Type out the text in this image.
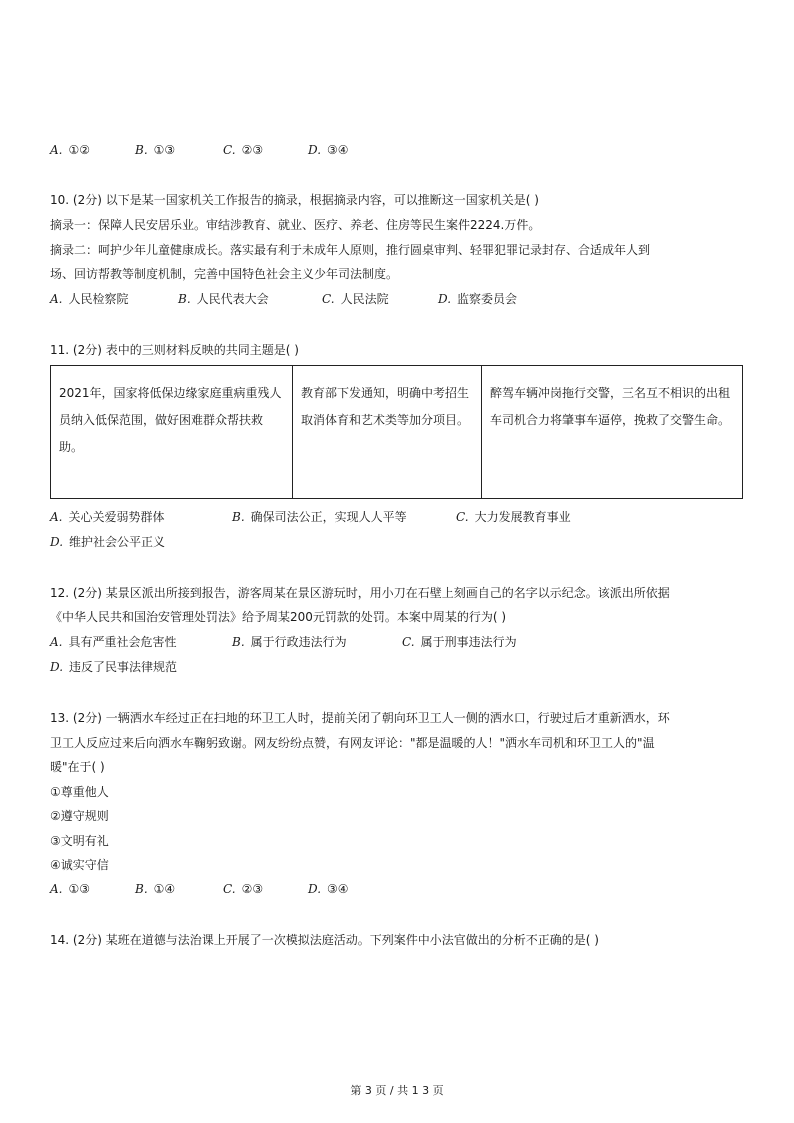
A. ①②	B. ①③	C. ②③	D. ③④
10. (2分) 以下是某一国家机关工作报告的摘录，根据摘录内容，可以推断这一国家机关是( )
摘录一：保障人民安居乐业。审结涉教育、就业、医疗、养老、住房等民生案件2224.万件。
摘录二：呵护少年儿童健康成长。落实最有利于未成年人原则，推行圆桌审判、轻罪犯罪记录封存、合适成年人到
场、回访帮教等制度机制，完善中国特色社会主义少年司法制度。
A. 人民检察院	B. 人民代表大会	C. 人民法院	D. 监察委员会
11. (2分) 表中的三则材料反映的共同主题是( )
2021年，国家将低保边缘家庭重病重残人员纳入低保范围，做好困难群众帮扶救助。	教育部下发通知，明确中考招生取消体育和艺术类等加分项目。	醉驾车辆冲岗拖行交警，三名互不相识的出租车司机合力将肇事车逼停，挽救了交警生命。
A. 关心关爱弱势群体	B. 确保司法公正，实现人人平等	C. 大力发展教育事业
D. 维护社会公平正义
12. (2分) 某景区派出所接到报告，游客周某在景区游玩时，用小刀在石壁上刻画自己的名字以示纪念。该派出所依据
《中华人民共和国治安管理处罚法》给予周某200元罚款的处罚。本案中周某的行为( )
A. 具有严重社会危害性	B. 属于行政违法行为	C. 属于刑事违法行为
D. 违反了民事法律规范
13. (2分) 一辆洒水车经过正在扫地的环卫工人时，提前关闭了朝向环卫工人一侧的洒水口，行驶过后才重新洒水，环
卫工人反应过来后向洒水车鞠躬致谢。网友纷纷点赞，有网友评论："都是温暖的人！"洒水车司机和环卫工人的"温
暖"在于( )
①尊重他人
②遵守规则
③文明有礼
④诚实守信
A. ①③	B. ①④	C. ②③	D. ③④
14. (2分) 某班在道德与法治课上开展了一次模拟法庭活动。下列案件中小法官做出的分析不正确的是( )
第 3 页 / 共 1 3 页
